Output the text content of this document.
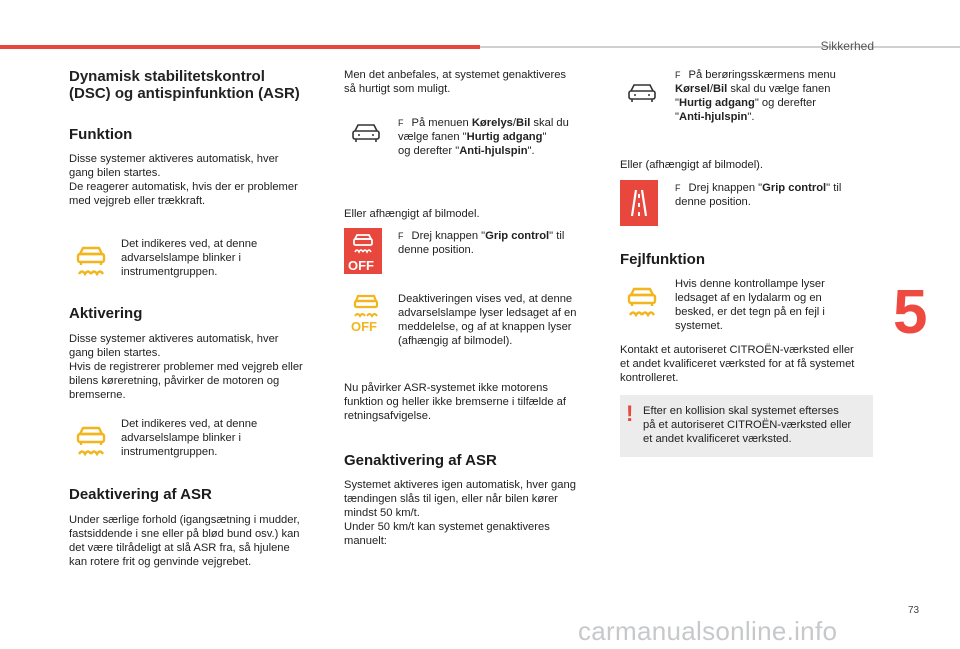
Sikkerhed
5
Dynamisk stabilitetskontrol
(DSC) og antispinfunktion (ASR)
Funktion
Disse systemer aktiveres automatisk, hver
gang bilen startes.
De reagerer automatisk, hvis der er problemer
med vejgreb eller trækkraft.
Det indikeres ved, at denne
advarselslampe blinker i
instrumentgruppen.
Aktivering
Disse systemer aktiveres automatisk, hver
gang bilen startes.
Hvis de registrerer problemer med vejgreb eller
bilens køreretning, påvirker de motoren og
bremserne.
Det indikeres ved, at denne
advarselslampe blinker i
instrumentgruppen.
Deaktivering af ASR
Under særlige forhold (igangsætning i mudder,
fastsiddende i sne eller på blød bund osv.) kan
det være tilrådeligt at slå ASR fra, så hjulene
kan rotere frit og genvinde vejgrebet.
Men det anbefales, at systemet genaktiveres
så hurtigt som muligt.
F På menuen Kørelys/Bil skal du
vælge fanen "Hurtig adgang"
og derefter "Anti-hjulspin".
Eller afhængigt af bilmodel.
OFF
F Drej knappen "Grip control" til
denne position.
OFF
Deaktiveringen vises ved, at denne
advarselslampe lyser ledsaget af en
meddelelse, og af at knappen lyser
(afhængig af bilmodel).
Nu påvirker ASR-systemet ikke motorens
funktion og heller ikke bremserne i tilfælde af
retningsafvigelse.
Genaktivering af ASR
Systemet aktiveres igen automatisk, hver gang
tændingen slås til igen, eller når bilen kører
mindst 50 km/t.
Under 50 km/t kan systemet genaktiveres
manuelt:
F På berøringsskærmens menu
Kørsel/Bil skal du vælge fanen
"Hurtig adgang" og derefter
"Anti-hjulspin".
Eller (afhængigt af bilmodel).
F Drej knappen "Grip control" til
denne position.
Fejlfunktion
Hvis denne kontrollampe lyser
ledsaget af en lydalarm og en
besked, er det tegn på en fejl i
systemet.
Kontakt et autoriseret CITROËN-værksted eller
et andet kvalificeret værksted for at få systemet
kontrolleret.
! Efter en kollision skal systemet efterses
på et autoriseret CITROËN-værksted eller
et andet kvalificeret værksted.
73
carmanualsonline.info
